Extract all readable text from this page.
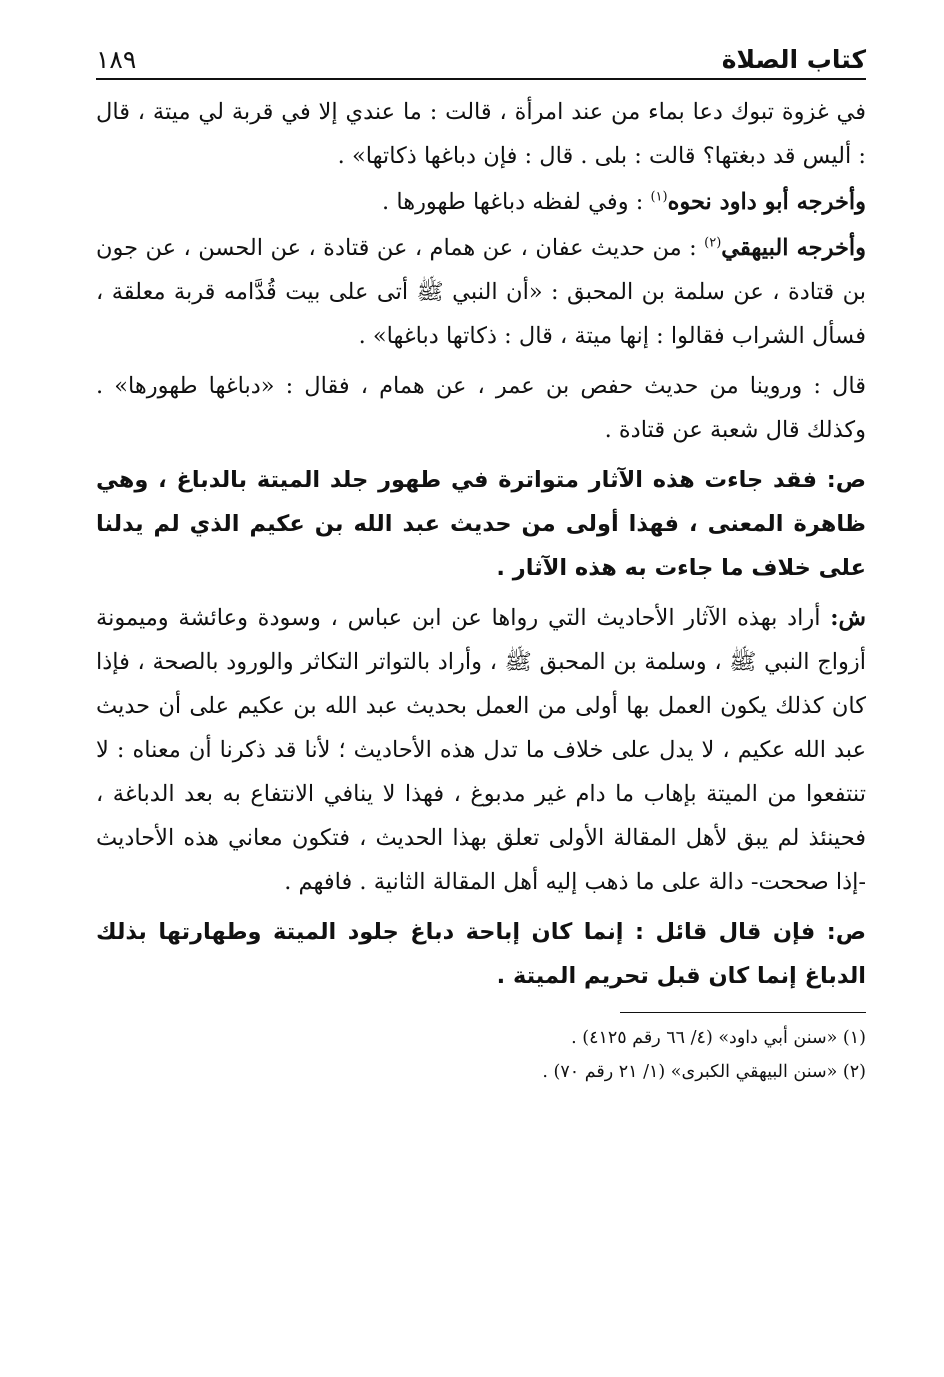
كتاب الصلاة
١٨٩

في غزوة تبوك دعا بماء من عند امرأة ، قالت : ما عندي إلا في قربة لي ميتة ، قال : أليس قد دبغتها؟ قالت : بلى . قال : فإن دباغها ذكاتها» .

وأخرجه أبو داود نحوه$^{(١)}$ : وفي لفظه دباغها طهورها .

وأخرجه البيهقي$^{(٢)}$ : من حديث عفان ، عن همام ، عن قتادة ، عن الحسن ، عن جون بن قتادة ، عن سلمة بن المحبق : «أن النبي ﷺ أتى على بيت قُدَّامه قربة معلقة ، فسأل الشراب فقالوا : إنها ميتة ، قال : ذكاتها دباغها» .

قال : وروينا من حديث حفص بن عمر ، عن همام ، فقال : «دباغها طهورها» . وكذلك قال شعبة عن قتادة .

ص: فقد جاءت هذه الآثار متواترة في طهور جلد الميتة بالدباغ ، وهي ظاهرة المعنى ، فهذا أولى من حديث عبد الله بن عكيم الذي لم يدلنا على خلاف ما جاءت به هذه الآثار .

ش: أراد بهذه الآثار الأحاديث التي رواها عن ابن عباس ، وسودة وعائشة وميمونة أزواج النبي ﷺ ، وسلمة بن المحبق ﷺ ، وأراد بالتواتر التكاثر والورود بالصحة ، فإذا كان كذلك يكون العمل بها أولى من العمل بحديث عبد الله بن عكيم على أن حديث عبد الله عكيم ، لا يدل على خلاف ما تدل هذه الأحاديث ؛ لأنا قد ذكرنا أن معناه : لا تنتفعوا من الميتة بإهاب ما دام غير مدبوغ ، فهذا لا ينافي الانتفاع به بعد الدباغة ، فحينئذ لم يبق لأهل المقالة الأولى تعلق بهذا الحديث ، فتكون معاني هذه الأحاديث -إذا صححت- دالة على ما ذهب إليه أهل المقالة الثانية . فافهم .

ص: فإن قال قائل : إنما كان إباحة دباغ جلود الميتة وطهارتها بذلك الدباغ إنما كان قبل تحريم الميتة .

(١) «سنن أبي داود» (٤/ ٦٦ رقم ٤١٢٥) .

(٢) «سنن البيهقي الكبرى» (١/ ٢١ رقم ٧٠) .
